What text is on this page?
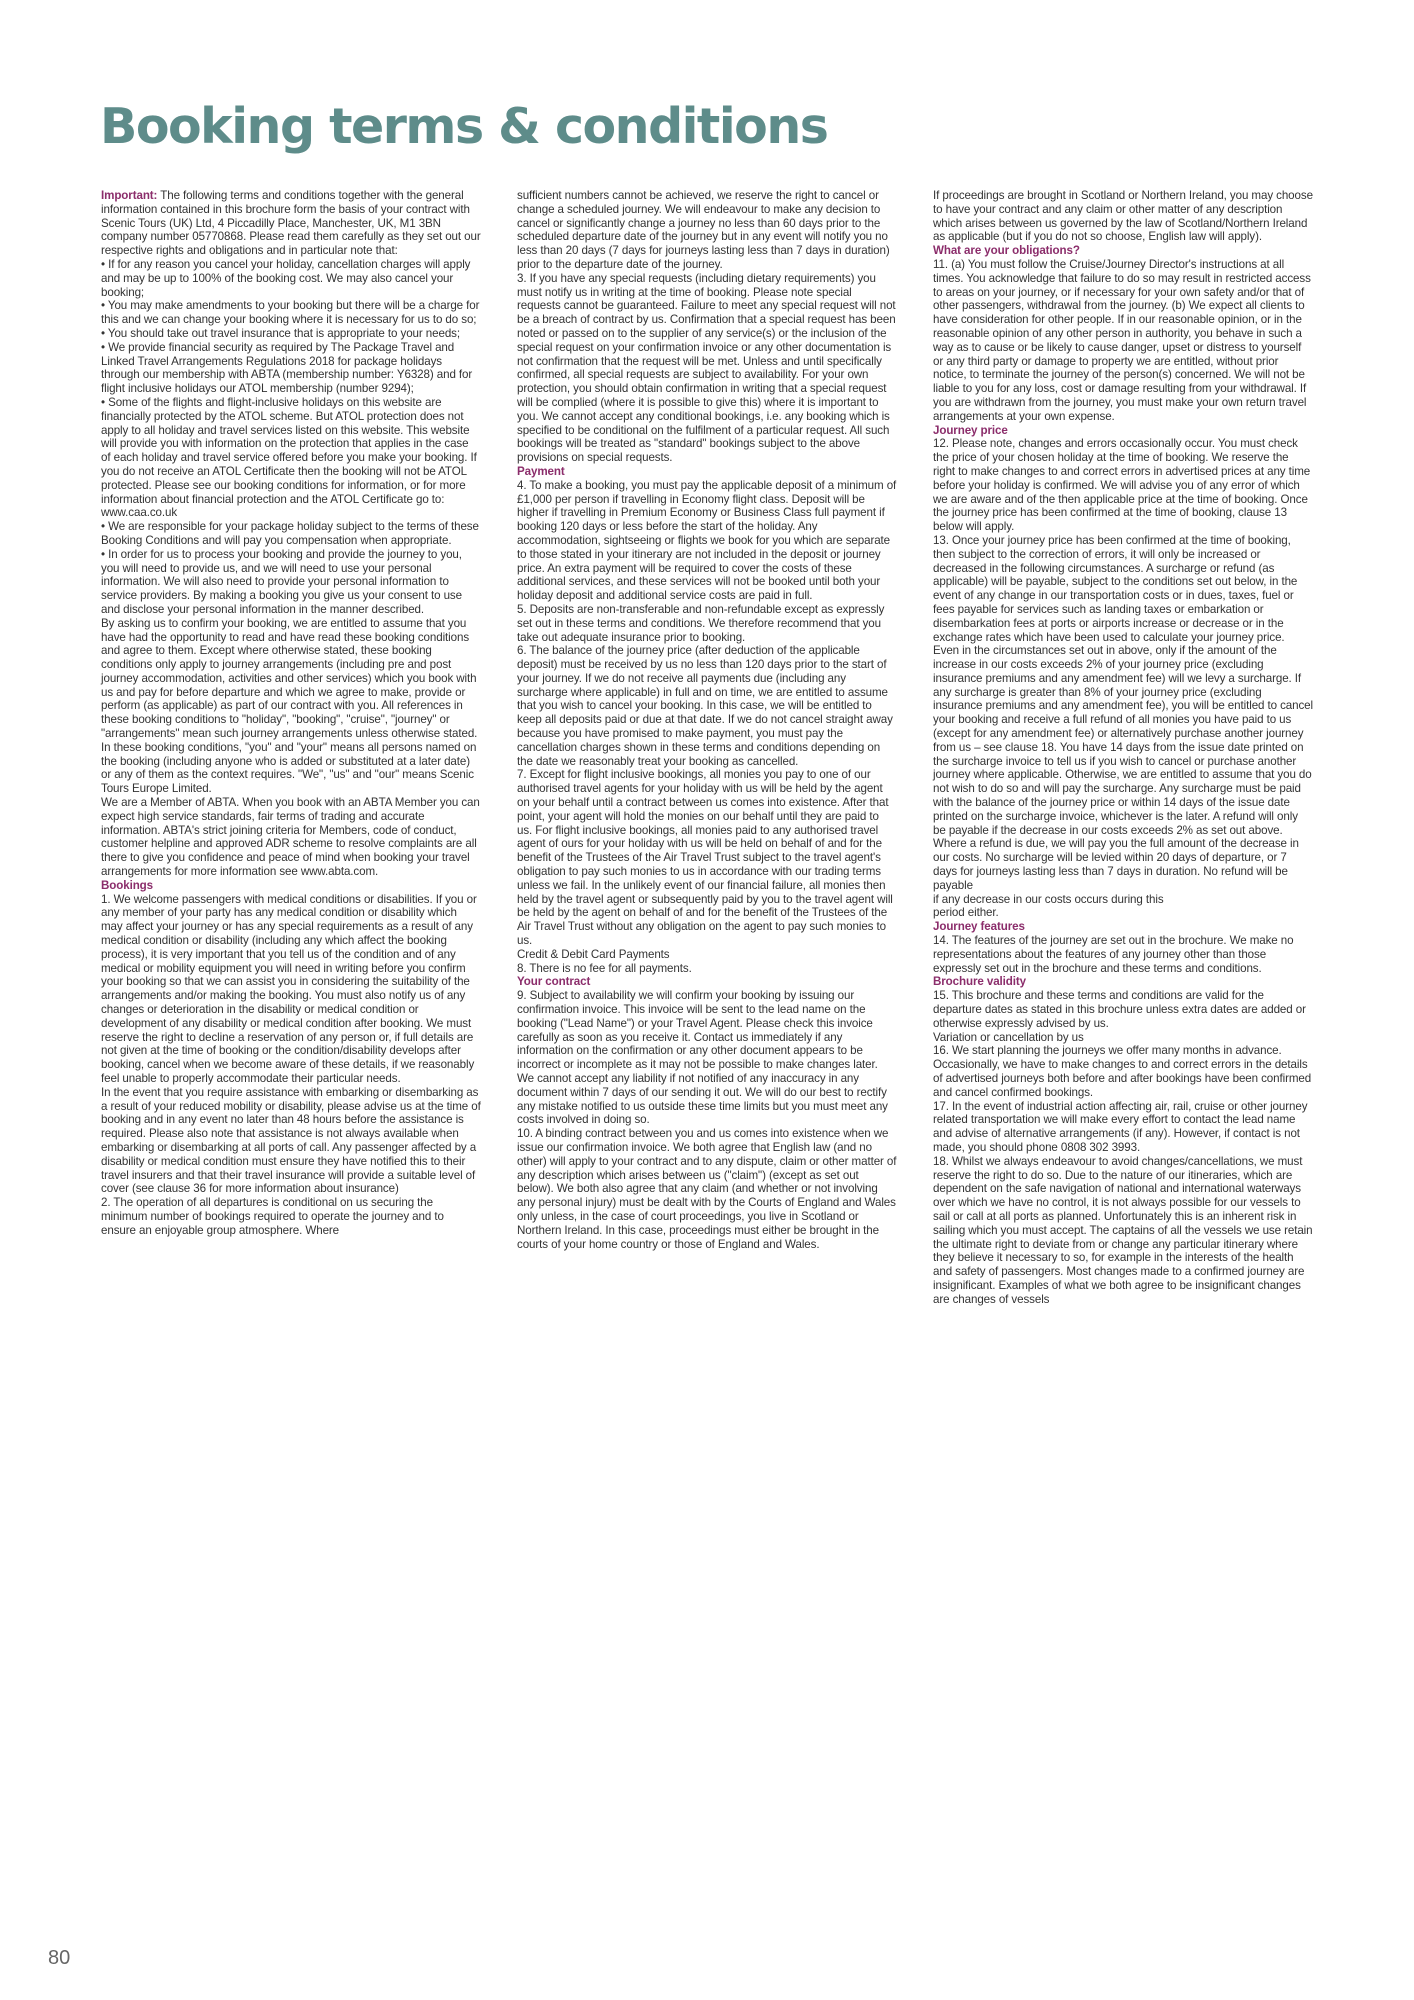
Booking terms & conditions

Important: The following terms and conditions together with the general information contained in this brochure form the basis of your contract with Scenic Tours (UK) Ltd, 4 Piccadilly Place, Manchester, UK, M1 3BN company number 05770868. Please read them carefully as they set out our respective rights and obligations and in particular note that:

• If for any reason you cancel your holiday, cancellation charges will apply and may be up to 100% of the booking cost. We may also cancel your booking;

• You may make amendments to your booking but there will be a charge for this and we can change your booking where it is necessary for us to do so;

• You should take out travel insurance that is appropriate to your needs;

• We provide financial security as required by The Package Travel and Linked Travel Arrangements Regulations 2018 for package holidays through our membership with ABTA (membership number: Y6328) and for flight inclusive holidays our ATOL membership (number 9294);

• Some of the flights and flight-inclusive holidays on this website are financially protected by the ATOL scheme. But ATOL protection does not apply to all holiday and travel services listed on this website. This website will provide you with information on the protection that applies in the case of each holiday and travel service offered before you make your booking. If you do not receive an ATOL Certificate then the booking will not be ATOL protected. Please see our booking conditions for information, or for more information about financial protection and the ATOL Certificate go to: www.caa.co.uk

• We are responsible for your package holiday subject to the terms of these Booking Conditions and will pay you compensation when appropriate.

• In order for us to process your booking and provide the journey to you, you will need to provide us, and we will need to use your personal information. We will also need to provide your personal information to service providers. By making a booking you give us your consent to use and disclose your personal information in the manner described.

By asking us to confirm your booking, we are entitled to assume that you have had the opportunity to read and have read these booking conditions and agree to them. Except where otherwise stated, these booking conditions only apply to journey arrangements (including pre and post journey accommodation, activities and other services) which you book with us and pay for before departure and which we agree to make, provide or perform (as applicable) as part of our contract with you. All references in these booking conditions to "holiday", "booking", "cruise", "journey" or "arrangements" mean such journey arrangements unless otherwise stated. In these booking conditions, "you" and "your" means all persons named on the booking (including anyone who is added or substituted at a later date) or any of them as the context requires. "We", "us" and "our" means Scenic Tours Europe Limited.

We are a Member of ABTA. When you book with an ABTA Member you can expect high service standards, fair terms of trading and accurate information. ABTA's strict joining criteria for Members, code of conduct, customer helpline and approved ADR scheme to resolve complaints are all there to give you confidence and peace of mind when booking your travel arrangements for more information see www.abta.com.

Bookings

1. We welcome passengers with medical conditions or disabilities. If you or any member of your party has any medical condition or disability which may affect your journey or has any special requirements as a result of any medical condition or disability (including any which affect the booking process), it is very important that you tell us of the condition and of any medical or mobility equipment you will need in writing before you confirm your booking so that we can assist you in considering the suitability of the arrangements and/or making the booking. You must also notify us of any changes or deterioration in the disability or medical condition or development of any disability or medical condition after booking. We must reserve the right to decline a reservation of any person or, if full details are not given at the time of booking or the condition/disability develops after booking, cancel when we become aware of these details, if we reasonably feel unable to properly accommodate their particular needs.

In the event that you require assistance with embarking or disembarking as a result of your reduced mobility or disability, please advise us at the time of booking and in any event no later than 48 hours before the assistance is required. Please also note that assistance is not always available when embarking or disembarking at all ports of call. Any passenger affected by a disability or medical condition must ensure they have notified this to their travel insurers and that their travel insurance will provide a suitable level of cover (see clause 36 for more information about insurance)

2. The operation of all departures is conditional on us securing the minimum number of bookings required to operate the journey and to ensure an enjoyable group atmosphere. Where

sufficient numbers cannot be achieved, we reserve the right to cancel or change a scheduled journey. We will endeavour to make any decision to cancel or significantly change a journey no less than 60 days prior to the scheduled departure date of the journey but in any event will notify you no less than 20 days (7 days for journeys lasting less than 7 days in duration) prior to the departure date of the journey.

3. If you have any special requests (including dietary requirements) you must notify us in writing at the time of booking. Please note special requests cannot be guaranteed. Failure to meet any special request will not be a breach of contract by us. Confirmation that a special request has been noted or passed on to the supplier of any service(s) or the inclusion of the special request on your confirmation invoice or any other documentation is not confirmation that the request will be met. Unless and until specifically confirmed, all special requests are subject to availability. For your own protection, you should obtain confirmation in writing that a special request will be complied (where it is possible to give this) where it is important to you. We cannot accept any conditional bookings, i.e. any booking which is specified to be conditional on the fulfilment of a particular request. All such bookings will be treated as "standard" bookings subject to the above provisions on special requests.

Payment

4. To make a booking, you must pay the applicable deposit of a minimum of £1,000 per person if travelling in Economy flight class. Deposit will be higher if travelling in Premium Economy or Business Class full payment if booking 120 days or less before the start of the holiday. Any accommodation, sightseeing or flights we book for you which are separate to those stated in your itinerary are not included in the deposit or journey price. An extra payment will be required to cover the costs of these additional services, and these services will not be booked until both your holiday deposit and additional service costs are paid in full.

5. Deposits are non-transferable and non-refundable except as expressly set out in these terms and conditions. We therefore recommend that you take out adequate insurance prior to booking.

6. The balance of the journey price (after deduction of the applicable deposit) must be received by us no less than 120 days prior to the start of your journey. If we do not receive all payments due (including any surcharge where applicable) in full and on time, we are entitled to assume that you wish to cancel your booking. In this case, we will be entitled to keep all deposits paid or due at that date. If we do not cancel straight away because you have promised to make payment, you must pay the cancellation charges shown in these terms and conditions depending on the date we reasonably treat your booking as cancelled.

7. Except for flight inclusive bookings, all monies you pay to one of our authorised travel agents for your holiday with us will be held by the agent on your behalf until a contract between us comes into existence. After that point, your agent will hold the monies on our behalf until they are paid to us. For flight inclusive bookings, all monies paid to any authorised travel agent of ours for your holiday with us will be held on behalf of and for the benefit of the Trustees of the Air Travel Trust subject to the travel agent's obligation to pay such monies to us in accordance with our trading terms unless we fail. In the unlikely event of our financial failure, all monies then held by the travel agent or subsequently paid by you to the travel agent will be held by the agent on behalf of and for the benefit of the Trustees of the Air Travel Trust without any obligation on the agent to pay such monies to us.

Credit & Debit Card Payments

8. There is no fee for all payments.

Your contract

9. Subject to availability we will confirm your booking by issuing our confirmation invoice. This invoice will be sent to the lead name on the booking ("Lead Name") or your Travel Agent. Please check this invoice carefully as soon as you receive it. Contact us immediately if any information on the confirmation or any other document appears to be incorrect or incomplete as it may not be possible to make changes later. We cannot accept any liability if not notified of any inaccuracy in any document within 7 days of our sending it out. We will do our best to rectify any mistake notified to us outside these time limits but you must meet any costs involved in doing so.

10. A binding contract between you and us comes into existence when we issue our confirmation invoice. We both agree that English law (and no other) will apply to your contract and to any dispute, claim or other matter of any description which arises between us ("claim") (except as set out below). We both also agree that any claim (and whether or not involving any personal injury) must be dealt with by the Courts of England and Wales only unless, in the case of court proceedings, you live in Scotland or Northern Ireland. In this case, proceedings must either be brought in the courts of your home country or those of England and Wales.

If proceedings are brought in Scotland or Northern Ireland, you may choose to have your contract and any claim or other matter of any description which arises between us governed by the law of Scotland/Northern Ireland as applicable (but if you do not so choose, English law will apply).

What are your obligations?

11. (a) You must follow the Cruise/Journey Director's instructions at all times. You acknowledge that failure to do so may result in restricted access to areas on your journey, or if necessary for your own safety and/or that of other passengers, withdrawal from the journey. (b) We expect all clients to have consideration for other people. If in our reasonable opinion, or in the reasonable opinion of any other person in authority, you behave in such a way as to cause or be likely to cause danger, upset or distress to yourself or any third party or damage to property we are entitled, without prior notice, to terminate the journey of the person(s) concerned. We will not be liable to you for any loss, cost or damage resulting from your withdrawal. If you are withdrawn from the journey, you must make your own return travel arrangements at your own expense.

Journey price

12. Please note, changes and errors occasionally occur. You must check the price of your chosen holiday at the time of booking. We reserve the right to make changes to and correct errors in advertised prices at any time before your holiday is confirmed. We will advise you of any error of which we are aware and of the then applicable price at the time of booking. Once the journey price has been confirmed at the time of booking, clause 13 below will apply.

13. Once your journey price has been confirmed at the time of booking, then subject to the correction of errors, it will only be increased or decreased in the following circumstances. A surcharge or refund (as applicable) will be payable, subject to the conditions set out below, in the event of any change in our transportation costs or in dues, taxes, fuel or fees payable for services such as landing taxes or embarkation or disembarkation fees at ports or airports increase or decrease or in the exchange rates which have been used to calculate your journey price. Even in the circumstances set out in above, only if the amount of the increase in our costs exceeds 2% of your journey price (excluding insurance premiums and any amendment fee) will we levy a surcharge. If any surcharge is greater than 8% of your journey price (excluding insurance premiums and any amendment fee), you will be entitled to cancel your booking and receive a full refund of all monies you have paid to us (except for any amendment fee) or alternatively purchase another journey from us – see clause 18. You have 14 days from the issue date printed on the surcharge invoice to tell us if you wish to cancel or purchase another journey where applicable. Otherwise, we are entitled to assume that you do not wish to do so and will pay the surcharge. Any surcharge must be paid with the balance of the journey price or within 14 days of the issue date printed on the surcharge invoice, whichever is the later. A refund will only be payable if the decrease in our costs exceeds 2% as set out above. Where a refund is due, we will pay you the full amount of the decrease in our costs. No surcharge will be levied within 20 days of departure, or 7 days for journeys lasting less than 7 days in duration. No refund will be payable

if any decrease in our costs occurs during this

period either.

Journey features

14. The features of the journey are set out in the brochure. We make no representations about the features of any journey other than those expressly set out in the brochure and these terms and conditions.

Brochure validity

15. This brochure and these terms and conditions are valid for the departure dates as stated in this brochure unless extra dates are added or otherwise expressly advised by us.

Variation or cancellation by us

16. We start planning the journeys we offer many months in advance. Occasionally, we have to make changes to and correct errors in the details of advertised journeys both before and after bookings have been confirmed and cancel confirmed bookings.

17. In the event of industrial action affecting air, rail, cruise or other journey related transportation we will make every effort to contact the lead name and advise of alternative arrangements (if any). However, if contact is not made, you should phone 0808 302 3993.

18. Whilst we always endeavour to avoid changes/cancellations, we must reserve the right to do so. Due to the nature of our itineraries, which are dependent on the safe navigation of national and international waterways over which we have no control, it is not always possible for our vessels to sail or call at all ports as planned. Unfortunately this is an inherent risk in sailing which you must accept. The captains of all the vessels we use retain the ultimate right to deviate from or change any particular itinerary where they believe it necessary to so, for example in the interests of the health and safety of passengers. Most changes made to a confirmed journey are insignificant. Examples of what we both agree to be insignificant changes are changes of vessels

80
